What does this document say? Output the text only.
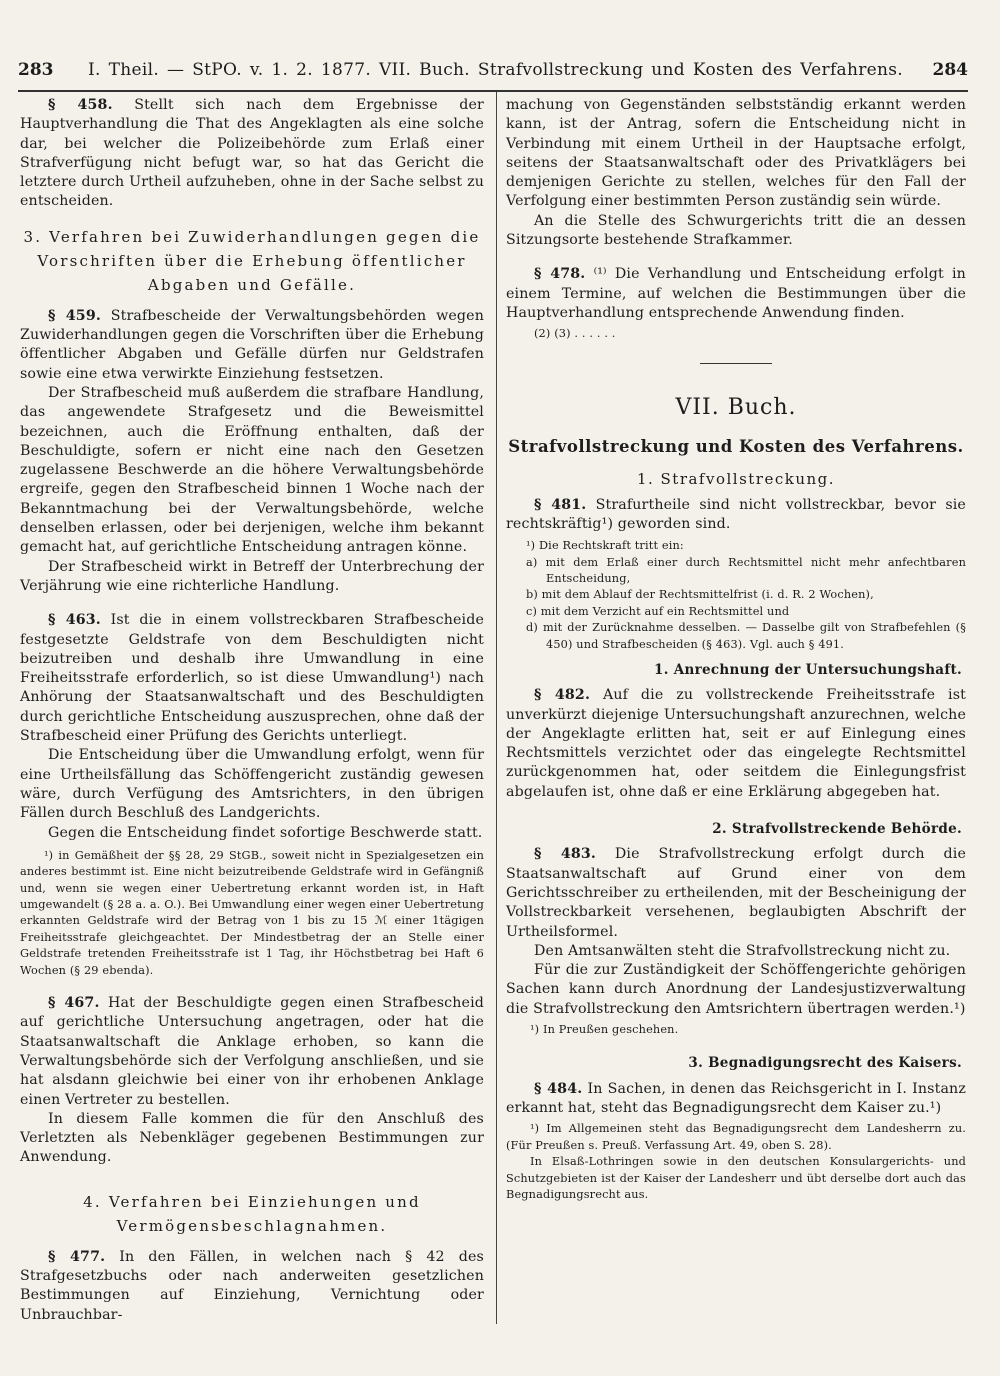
283 I. Theil. — StPO. v. 1. 2. 1877. VII. Buch. Strafvollstreckung und Kosten des Verfahrens. 284

§ 458. Stellt sich nach dem Ergebnisse der Hauptverhandlung die That des Angeklagten als eine solche dar, bei welcher die Polizeibehörde zum Erlaß einer Strafverfügung nicht befugt war, so hat das Gericht die letztere durch Urtheil aufzuheben, ohne in der Sache selbst zu entscheiden.

3. Verfahren bei Zuwiderhandlungen gegen die Vorschriften über die Erhebung öffentlicher Abgaben und Gefälle.

§ 459. Strafbescheide der Verwaltungsbehörden wegen Zuwiderhandlungen gegen die Vorschriften über die Erhebung öffentlicher Abgaben und Gefälle dürfen nur Geldstrafen sowie eine etwa verwirkte Einziehung festsetzen.

Der Strafbescheid muß außerdem die strafbare Handlung, das angewendete Strafgesetz und die Beweismittel bezeichnen, auch die Eröffnung enthalten, daß der Beschuldigte, sofern er nicht eine nach den Gesetzen zugelassene Beschwerde an die höhere Verwaltungsbehörde ergreife, gegen den Strafbescheid binnen 1 Woche nach der Bekanntmachung bei der Verwaltungsbehörde, welche denselben erlassen, oder bei derjenigen, welche ihm bekannt gemacht hat, auf gerichtliche Entscheidung antragen könne.

Der Strafbescheid wirkt in Betreff der Unterbrechung der Verjährung wie eine richterliche Handlung.

§ 463. Ist die in einem vollstreckbaren Strafbescheide festgesetzte Geldstrafe von dem Beschuldigten nicht beizutreiben und deshalb ihre Umwandlung in eine Freiheitsstrafe erforderlich, so ist diese Umwandlung¹) nach Anhörung der Staatsanwaltschaft und des Beschuldigten durch gerichtliche Entscheidung auszusprechen, ohne daß der Strafbescheid einer Prüfung des Gerichts unterliegt.

Die Entscheidung über die Umwandlung erfolgt, wenn für eine Urtheilsfällung das Schöffengericht zuständig gewesen wäre, durch Verfügung des Amtsrichters, in den übrigen Fällen durch Beschluß des Landgerichts.

Gegen die Entscheidung findet sofortige Beschwerde statt.

¹) in Gemäßheit der §§ 28, 29 StGB., soweit nicht in Spezialgesetzen ein anderes bestimmt ist. Eine nicht beizutreibende Geldstrafe wird in Gefängniß und, wenn sie wegen einer Uebertretung erkannt worden ist, in Haft umgewandelt (§ 28 a. a. O.). Bei Umwandlung einer wegen einer Uebertretung erkannten Geldstrafe wird der Betrag von 1 bis zu 15 ℳ einer 1tägigen Freiheitsstrafe gleichgeachtet. Der Mindestbetrag der an Stelle einer Geldstrafe tretenden Freiheitsstrafe ist 1 Tag, ihr Höchstbetrag bei Haft 6 Wochen (§ 29 ebenda).

§ 467. Hat der Beschuldigte gegen einen Strafbescheid auf gerichtliche Untersuchung angetragen, oder hat die Staatsanwaltschaft die Anklage erhoben, so kann die Verwaltungsbehörde sich der Verfolgung anschließen, und sie hat alsdann gleichwie bei einer von ihr erhobenen Anklage einen Vertreter zu bestellen.

In diesem Falle kommen die für den Anschluß des Verletzten als Nebenkläger gegebenen Bestimmungen zur Anwendung.

4. Verfahren bei Einziehungen und Vermögensbeschlagnahmen.

§ 477. In den Fällen, in welchen nach § 42 des Strafgesetzbuchs oder nach anderweiten gesetzlichen Bestimmungen auf Einziehung, Vernichtung oder Unbrauchbar-

machung von Gegenständen selbstständig erkannt werden kann, ist der Antrag, sofern die Entscheidung nicht in Verbindung mit einem Urtheil in der Hauptsache erfolgt, seitens der Staatsanwaltschaft oder des Privatklägers bei demjenigen Gerichte zu stellen, welches für den Fall der Verfolgung einer bestimmten Person zuständig sein würde.

An die Stelle des Schwurgerichts tritt die an dessen Sitzungsorte bestehende Strafkammer.

§ 478. ⁽¹⁾ Die Verhandlung und Entscheidung erfolgt in einem Termine, auf welchen die Bestimmungen über die Hauptverhandlung entsprechende Anwendung finden.

(2) (3) . . . . . .

VII. Buch.
Strafvollstreckung und Kosten des Verfahrens.
1. Strafvollstreckung.

§ 481. Strafurtheile sind nicht vollstreckbar, bevor sie rechtskräftig¹) geworden sind.

¹) Die Rechtskraft tritt ein:
a) mit dem Erlaß einer durch Rechtsmittel nicht mehr anfechtbaren Entscheidung,
b) mit dem Ablauf der Rechtsmittelfrist (i. d. R. 2 Wochen),
c) mit dem Verzicht auf ein Rechtsmittel und
d) mit der Zurücknahme desselben. — Dasselbe gilt von Strafbefehlen (§ 450) und Strafbescheiden (§ 463). Vgl. auch § 491.
1. Anrechnung der Untersuchungshaft.

§ 482. Auf die zu vollstreckende Freiheitsstrafe ist unverkürzt diejenige Untersuchungshaft anzurechnen, welche der Angeklagte erlitten hat, seit er auf Einlegung eines Rechtsmittels verzichtet oder das eingelegte Rechtsmittel zurückgenommen hat, oder seitdem die Einlegungsfrist abgelaufen ist, ohne daß er eine Erklärung abgegeben hat.

2. Strafvollstreckende Behörde.

§ 483. Die Strafvollstreckung erfolgt durch die Staatsanwaltschaft auf Grund einer von dem Gerichtsschreiber zu ertheilenden, mit der Bescheinigung der Vollstreckbarkeit versehenen, beglaubigten Abschrift der Urtheilsformel.

Den Amtsanwälten steht die Strafvollstreckung nicht zu.

Für die zur Zuständigkeit der Schöffengerichte gehörigen Sachen kann durch Anordnung der Landesjustizverwaltung die Strafvollstreckung den Amtsrichtern übertragen werden.¹)

¹) In Preußen geschehen.

3. Begnadigungsrecht des Kaisers.

§ 484. In Sachen, in denen das Reichsgericht in I. Instanz erkannt hat, steht das Begnadigungsrecht dem Kaiser zu.¹)

¹) Im Allgemeinen steht das Begnadigungsrecht dem Landesherrn zu. (Für Preußen s. Preuß. Verfassung Art. 49, oben S. 28).

In Elsaß-Lothringen sowie in den deutschen Konsulargerichts- und Schutzgebieten ist der Kaiser der Landesherr und übt derselbe dort auch das Begnadigungsrecht aus.
